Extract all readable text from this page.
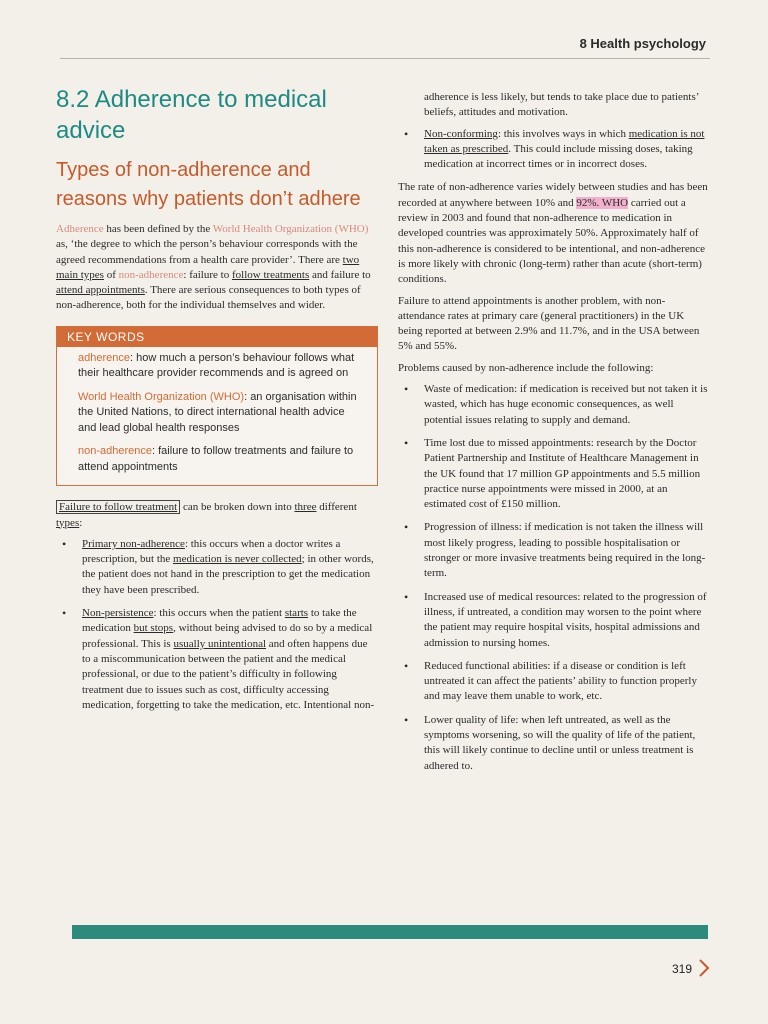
8 Health psychology
8.2 Adherence to medical advice
Types of non-adherence and reasons why patients don’t adhere

Adherence has been defined by the World Health Organization (WHO) as, ‘the degree to which the person’s behaviour corresponds with the agreed recommendations from a health care provider’. There are two main types of non-adherence: failure to follow treatments and failure to attend appointments. There are serious consequences to both types of non-adherence, both for the individual themselves and wider.

KEY WORDS
adherence: how much a person’s behaviour follows what their healthcare provider recommends and is agreed on
World Health Organization (WHO): an organisation within the United Nations, to direct international health advice and lead global health responses
non-adherence: failure to follow treatments and failure to attend appointments

Failure to follow treatment can be broken down into three different types:

• Primary non-adherence: this occurs when a doctor writes a prescription, but the medication is never collected; in other words, the patient does not hand in the prescription to get the medication they have been prescribed.
• Non-persistence: this occurs when the patient starts to take the medication but stops, without being advised to do so by a medical professional. This is usually unintentional and often happens due to a miscommunication between the patient and the medical professional, or due to the patient’s difficulty in following treatment due to issues such as cost, difficulty accessing medication, forgetting to take the medication, etc. Intentional non-

adherence is less likely, but tends to take place due to patients’ beliefs, attitudes and motivation.

• Non-conforming: this involves ways in which medication is not taken as prescribed. This could include missing doses, taking medication at incorrect times or in incorrect doses.

The rate of non-adherence varies widely between studies and has been recorded at anywhere between 10% and 92%. WHO carried out a review in 2003 and found that non-adherence to medication in developed countries was approximately 50%. Approximately half of this non-adherence is considered to be intentional, and non-adherence is more likely with chronic (long-term) rather than acute (short-term) conditions.

Failure to attend appointments is another problem, with non-attendance rates at primary care (general practitioners) in the UK being reported at between 2.9% and 11.7%, and in the USA between 5% and 55%.

Problems caused by non-adherence include the following:

• Waste of medication: if medication is received but not taken it is wasted, which has huge economic consequences, as well potential issues relating to supply and demand.
• Time lost due to missed appointments: research by the Doctor Patient Partnership and Institute of Healthcare Management in the UK found that 17 million GP appointments and 5.5 million practice nurse appointments were missed in 2000, at an estimated cost of £150 million.
• Progression of illness: if medication is not taken the illness will most likely progress, leading to possible hospitalisation or stronger or more invasive treatments being required in the long-term.
• Increased use of medical resources: related to the progression of illness, if untreated, a condition may worsen to the point where the patient may require hospital visits, hospital admissions and admission to nursing homes.
• Reduced functional abilities: if a disease or condition is left untreated it can affect the patients’ ability to function properly and may leave them unable to work, etc.
• Lower quality of life: when left untreated, as well as the symptoms worsening, so will the quality of life of the patient, this will likely continue to decline until or unless treatment is adhered to.
319
